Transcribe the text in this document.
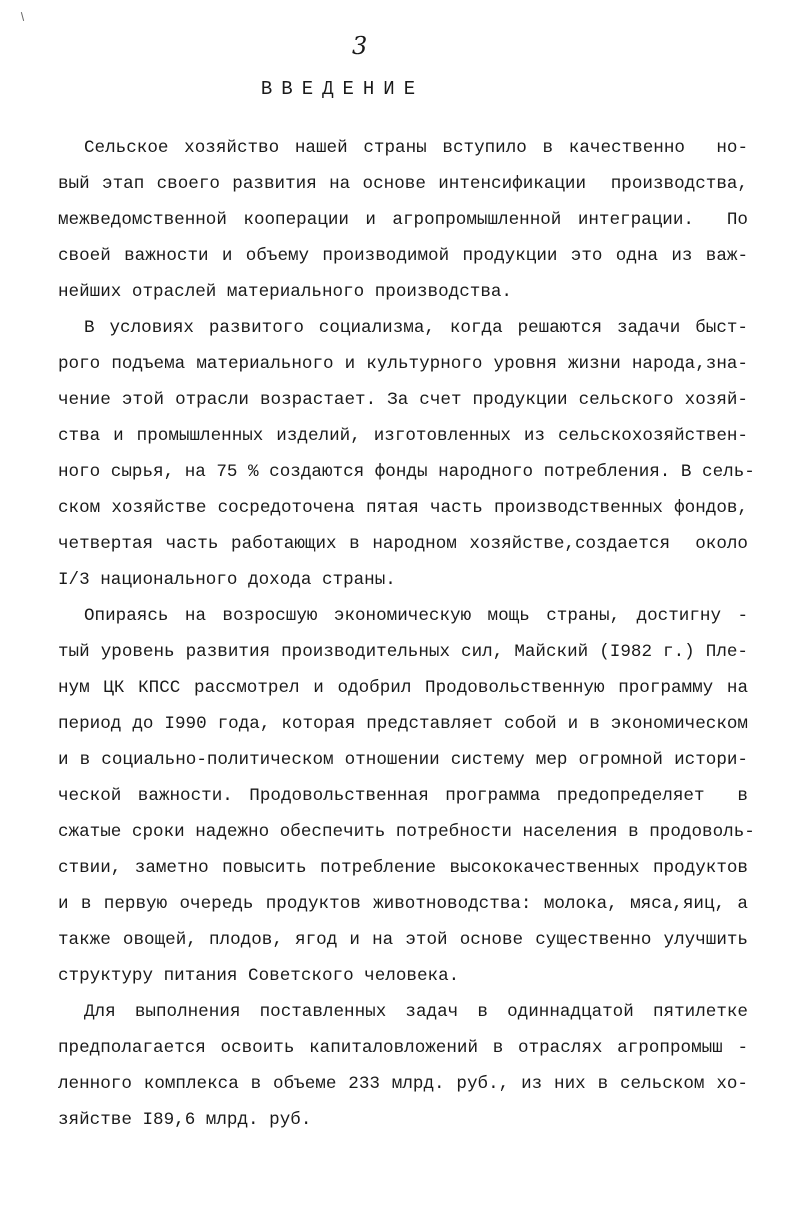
3
ВВЕДЕНИЕ
Сельское хозяйство нашей страны вступило в качественно  но-
вый этап своего развития на основе интенсификации  производства,
межведомственной кооперации и агропромышленной интеграции.  По
своей важности и объему производимой продукции это одна из важ-
нейших отраслей материального производства.
В условиях развитого социализма, когда решаются задачи быст-
рого подъема материального и культурного уровня жизни народа,зна-
чение этой отрасли возрастает. За счет продукции сельского хозяй-
ства и промышленных изделий, изготовленных из сельскохозяйствен-
ного сырья, на 75 % создаются фонды народного потребления. В сель-
ском хозяйстве сосредоточена пятая часть производственных фондов,
четвертая часть работающих в народном хозяйстве,создается  около
I/3 национального дохода страны.
Опираясь на возросшую экономическую мощь страны, достигну -
тый уровень развития производительных сил, Майский (I982 г.) Пле-
нум ЦК КПСС рассмотрел и одобрил Продовольственную программу на
период до I990 года, которая представляет собой и в экономическом
и в социально-политическом отношении систему мер огромной истори-
ческой важности. Продовольственная программа предопределяет  в
сжатые сроки надежно обеспечить потребности населения в продоволь-
ствии, заметно повысить потребление высококачественных продуктов
и в первую очередь продуктов животноводства: молока, мяса,яиц, а
также овощей, плодов, ягод и на этой основе существенно улучшить
структуру питания Советского человека.
Для выполнения поставленных задач в одиннадцатой пятилетке
предполагается освоить капиталовложений в отраслях агропромыш -
ленного комплекса в объеме 233 млрд. руб., из них в сельском хо-
зяйстве I89,6 млрд. руб.
